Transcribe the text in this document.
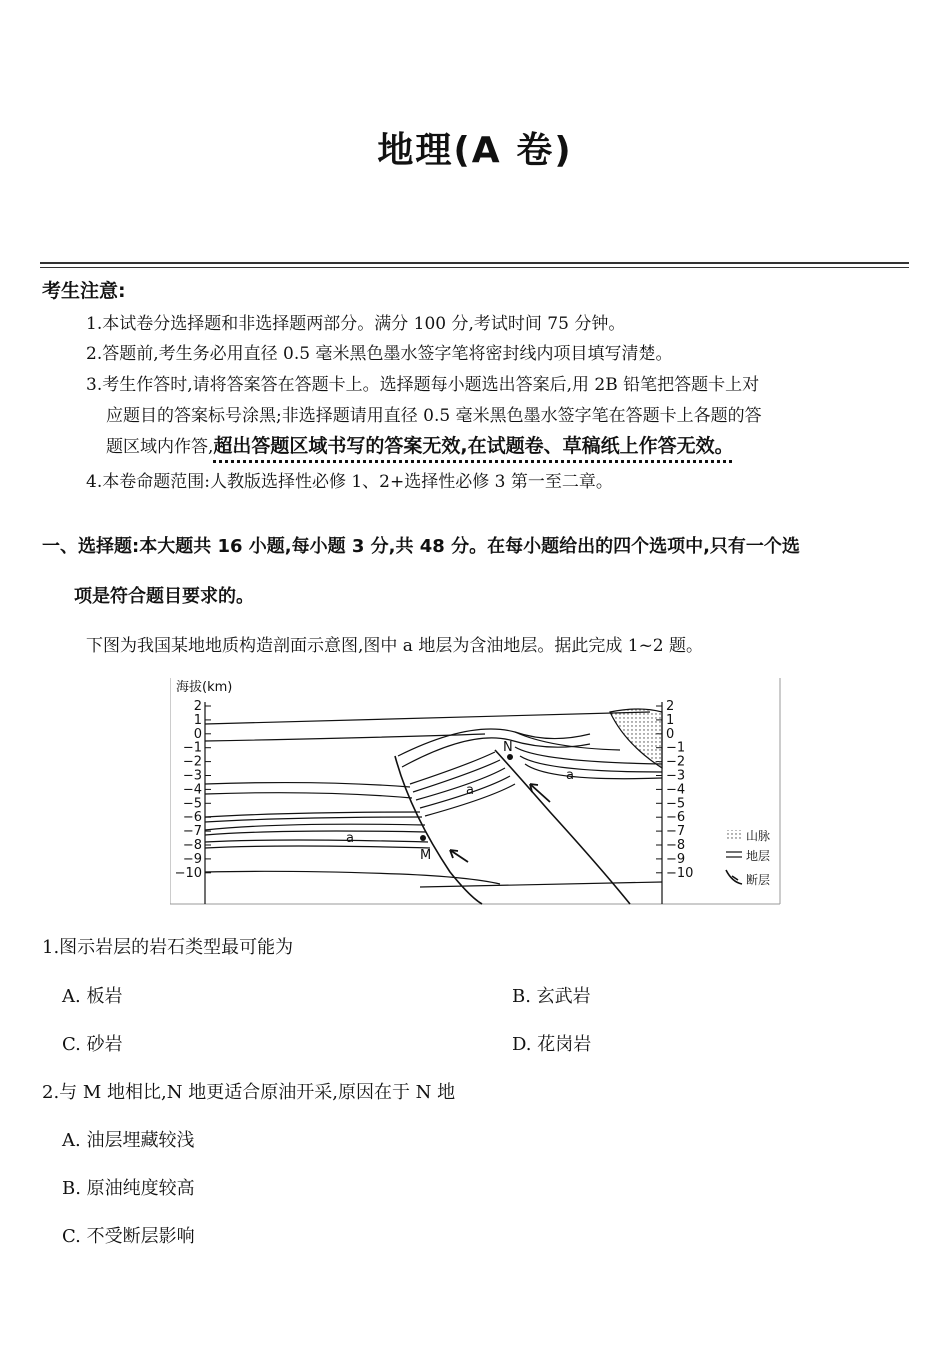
地理(A 卷)
考生注意:
1.本试卷分选择题和非选择题两部分。满分 100 分,考试时间 75 分钟。
2.答题前,考生务必用直径 0.5 毫米黑色墨水签字笔将密封线内项目填写清楚。
3.考生作答时,请将答案答在答题卡上。选择题每小题选出答案后,用 2B 铅笔把答题卡上对
应题目的答案标号涂黑;非选择题请用直径 0.5 毫米黑色墨水签字笔在答题卡上各题的答
题区域内作答,超出答题区域书写的答案无效,在试题卷、草稿纸上作答无效。
4.本卷命题范围:人教版选择性必修 1、2+选择性必修 3 第一至二章。
一、选择题:本大题共 16 小题,每小题 3 分,共 48 分。在每小题给出的四个选项中,只有一个选
项是符合题目要求的。
下图为我国某地地质构造剖面示意图,图中 a 地层为含油地层。据此完成 1~2 题。
海拔(km)
2
1
0
−1
−2
−3
−4
−5
−6
−7
−8
−9
−10
2
1
0
−1
−2
−3
−4
−5
−6
−7
−8
−9
−10
N
M
a
a
a	山脉
地层
断层
1.图示岩层的岩石类型最可能为
A. 板岩	B. 玄武岩
C. 砂岩	D. 花岗岩
2.与 M 地相比,N 地更适合原油开采,原因在于 N 地
A. 油层埋藏较浅
B. 原油纯度较高
C. 不受断层影响
